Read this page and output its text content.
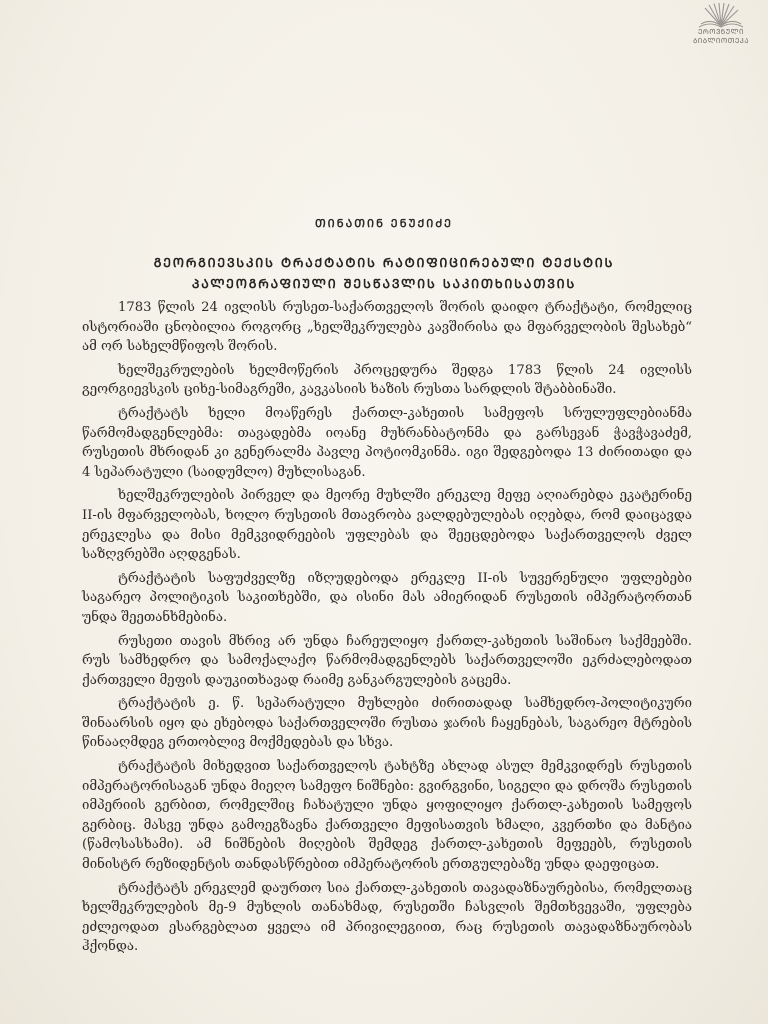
ᲔᲠᲝᲕᲜᲣᲚᲘ
ᲑᲘᲑᲚᲘᲝᲗᲔᲙᲐ
ᲗᲘᲜᲐᲗᲘᲜ ᲔᲜᲣᲥᲘᲫᲔ
ᲒᲔᲝᲠᲒᲘᲔᲕᲡᲙᲘᲡ ᲢᲠᲐᲥᲢᲐᲢᲘᲡ ᲠᲐᲢᲘᲤᲘᲪᲘᲠᲔᲑᲣᲚᲘ ᲢᲔᲥᲡᲢᲘᲡ
ᲞᲐᲚᲔᲝᲒᲠᲐᲤᲘᲣᲚᲘ ᲨᲔᲡᲬᲐᲕᲚᲘᲡ ᲡᲐᲙᲘᲗᲮᲘᲡᲐᲗᲕᲘᲡ

1783 წლის 24 ივლისს რუსეთ-საქართველოს შორის დაიდო ტრაქტატი, რომელიც ისტორიაში ცნობილია როგორც „ხელშეკრულება კავშირისა და მფარველობის შესახებ“ ამ ორ სახელმწიფოს შორის.

ხელშეკრულების ხელმოწერის პროცედურა შედგა 1783 წლის 24 ივლისს გეორგიევსკის ციხე-სიმაგრეში, კავკასიის ხაზის რუსთა სარდლის შტაბბინაში.

ტრაქტატს ხელი მოაწერეს ქართლ-კახეთის სამეფოს სრულუფლებიანმა წარმომადგენლებმა: თავადებმა იოანე მუხრანბატონმა და გარსევან ჭავჭავაძემ, რუსეთის მხრიდან კი გენერალმა პავლე პოტიომკინმა. იგი შედგებოდა 13 ძირითადი და 4 სეპარატული (საიდუმლო) მუხლისაგან.

ხელშეკრულების პირველ და მეორე მუხლში ერეკლე მეფე აღიარებდა ეკატერინე II-ის მფარველობას, ხოლო რუსეთის მთავრობა ვალდებულებას იღებდა, რომ დაიცავდა ერეკლესა და მისი მემკვიდრეების უფლებას და შეეცდებოდა საქართველოს ძველ საზღვრებში აღდგენას.

ტრაქტატის საფუძველზე იზღუდებოდა ერეკლე II-ის სუვერენული უფლებები საგარეო პოლიტიკის საკითხებში, და ისინი მას ამიერიდან რუსეთის იმპერატორთან უნდა შეეთანხმებინა.

რუსეთი თავის მხრივ არ უნდა ჩარეულიყო ქართლ-კახეთის საშინაო საქმეებში. რუს სამხედრო და სამოქალაქო წარმომადგენლებს საქართველოში ეკრძალებოდათ ქართველი მეფის დაუკითხავად რაიმე განკარგულების გაცემა.

ტრაქტატის ე. წ. სეპარატული მუხლები ძირითადად სამხედრო-პოლიტიკური შინაარსის იყო და ეხებოდა საქართველოში რუსთა ჯარის ჩაყენებას, საგარეო მტრების წინააღმდეგ ერთობლივ მოქმედებას და სხვა.

ტრაქტატის მიხედვით საქართველოს ტახტზე ახლად ასულ მემკვიდრეს რუსეთის იმპერატორისაგან უნდა მიეღო სამეფო ნიშნები: გვირგვინი, სიგელი და დროშა რუსეთის იმპერიის გერბით, რომელშიც ჩახატული უნდა ყოფილიყო ქართლ-კახეთის სამეფოს გერბიც. მასვე უნდა გამოეგზავნა ქართველი მეფისათვის ხმალი, კვერთხი და მანტია (წამოსასხამი). ამ ნიშნების მიღების შემდეგ ქართლ-კახეთის მეფეებს, რუსეთის მინისტრ რეზიდენტის თანდასწრებით იმპერატორის ერთგულებაზე უნდა დაეფიცათ.

ტრაქტატს ერეკლემ დაურთო სია ქართლ-კახეთის თავადაზნაურებისა, რომელთაც ხელშეკრულების მე-9 მუხლის თანახმად, რუსეთში ჩასვლის შემთხვევაში, უფლება ეძლეოდათ ესარგებლათ ყველა იმ პრივილეგიით, რაც რუსეთის თავადაზნაურობას ჰქონდა.
